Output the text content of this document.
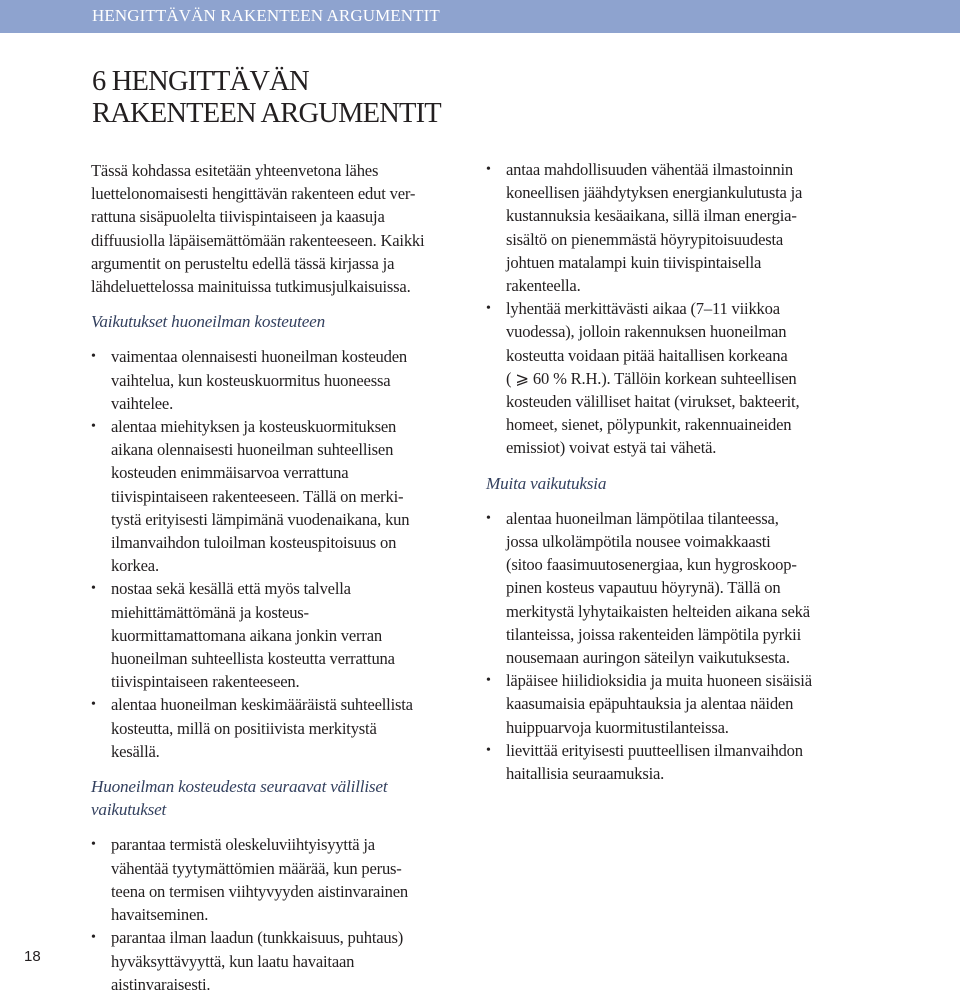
HENGITTÄVÄN RAKENTEEN ARGUMENTIT
6 HENGITTÄVÄN
RAKENTEEN ARGUMENTIT
Tässä kohdassa esitetään yhteenvetona lähes
luettelonomaisesti hengittävän rakenteen edut ver-
rattuna sisäpuolelta tiivispintaiseen ja kaasuja
diffuusiolla läpäisemättömään rakenteeseen. Kaikki
argumentit on perusteltu edellä tässä kirjassa ja
lähdeluettelossa mainituissa tutkimusjulkaisuissa.
Vaikutukset huoneilman kosteuteen
• vaimentaa olennaisesti huoneilman kosteuden
vaihtelua, kun kosteuskuormitus huoneessa
vaihtelee.
• alentaa miehityksen ja kosteuskuormituksen
aikana olennaisesti huoneilman suhteellisen
kosteuden enimmäisarvoa verrattuna
tiivispintaiseen rakenteeseen. Tällä on merki-
tystä erityisesti lämpimänä vuodenaikana, kun
ilmanvaihdon tuloilman kosteuspitoisuus on
korkea.
• nostaa sekä kesällä että myös talvella
miehittämättömänä ja kosteus-
kuormittamattomana aikana jonkin verran
huoneilman suhteellista kosteutta verrattuna
tiivispintaiseen rakenteeseen.
• alentaa huoneilman keskimääräistä suhteellista
kosteutta, millä on positiivista merkitystä
kesällä.
Huoneilman kosteudesta seuraavat välilliset
vaikutukset
• parantaa termistä oleskeluviihtyisyyttä ja
vähentää tyytymättömien määrää, kun perus-
teena on termisen viihtyvyyden aistinvarainen
havaitseminen.
• parantaa ilman laadun (tunkkaisuus, puhtaus)
hyväksyttävyyttä, kun laatu havaitaan
aistinvaraisesti.
• antaa mahdollisuuden vähentää ilmastoinnin
koneellisen jäähdytyksen energiankulutusta ja
kustannuksia kesäaikana, sillä ilman energia-
sisältö on pienemmästä höyrypitoisuudesta
johtuen matalampi kuin tiivispintaisella
rakenteella.
• lyhentää merkittävästi aikaa (7–11 viikkoa
vuodessa), jolloin rakennuksen huoneilman
kosteutta voidaan pitää haitallisen korkeana
( ⩾ 60 % R.H.). Tällöin korkean suhteellisen
kosteuden välilliset haitat (virukset, bakteerit,
homeet, sienet, pölypunkit, rakennuaineiden
emissiot) voivat estyä tai vähetä.
Muita vaikutuksia
• alentaa huoneilman lämpötilaa tilanteessa,
jossa ulkolämpötila nousee voimakkaasti
(sitoo faasimuutosenergiaa, kun hygroskoop-
pinen kosteus vapautuu höyrynä). Tällä on
merkitystä lyhytaikaisten helteiden aikana sekä
tilanteissa, joissa rakenteiden lämpötila pyrkii
nousemaan auringon säteilyn vaikutuksesta.
• läpäisee hiilidioksidia ja muita huoneen sisäisiä
kaasumaisia epäpuhtauksia ja alentaa näiden
huippuarvoja kuormitustilanteissa.
• lievittää erityisesti puutteellisen ilmanvaihdon
haitallisia seuraamuksia.
18
